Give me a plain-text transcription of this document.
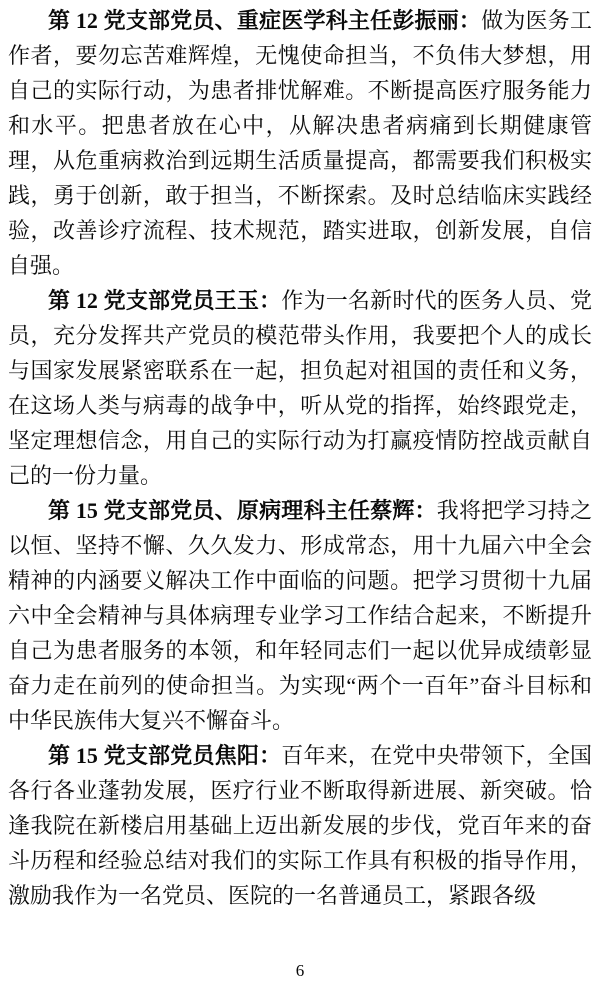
第 12 党支部党员、重症医学科主任彭振丽：做为医务工作者，要勿忘苦难辉煌，无愧使命担当，不负伟大梦想，用自己的实际行动，为患者排忧解难。不断提高医疗服务能力和水平。把患者放在心中，从解决患者病痛到长期健康管理，从危重病救治到远期生活质量提高，都需要我们积极实践，勇于创新，敢于担当，不断探索。及时总结临床实践经验，改善诊疗流程、技术规范，踏实进取，创新发展，自信自强。

第 12 党支部党员王玉：作为一名新时代的医务人员、党员，充分发挥共产党员的模范带头作用，我要把个人的成长与国家发展紧密联系在一起，担负起对祖国的责任和义务，在这场人类与病毒的战争中，听从党的指挥，始终跟党走，坚定理想信念，用自己的实际行动为打赢疫情防控战贡献自己的一份力量。

第 15 党支部党员、原病理科主任蔡辉：我将把学习持之以恒、坚持不懈、久久发力、形成常态，用十九届六中全会精神的内涵要义解决工作中面临的问题。把学习贯彻十九届六中全会精神与具体病理专业学习工作结合起来，不断提升自己为患者服务的本领，和年轻同志们一起以优异成绩彰显奋力走在前列的使命担当。为实现“两个一百年”奋斗目标和中华民族伟大复兴不懈奋斗。

第 15 党支部党员焦阳：百年来，在党中央带领下，全国各行各业蓬勃发展，医疗行业不断取得新进展、新突破。恰逢我院在新楼启用基础上迈出新发展的步伐，党百年来的奋斗历程和经验总结对我们的实际工作具有积极的指导作用，激励我作为一名党员、医院的一名普通员工，紧跟各级

6
